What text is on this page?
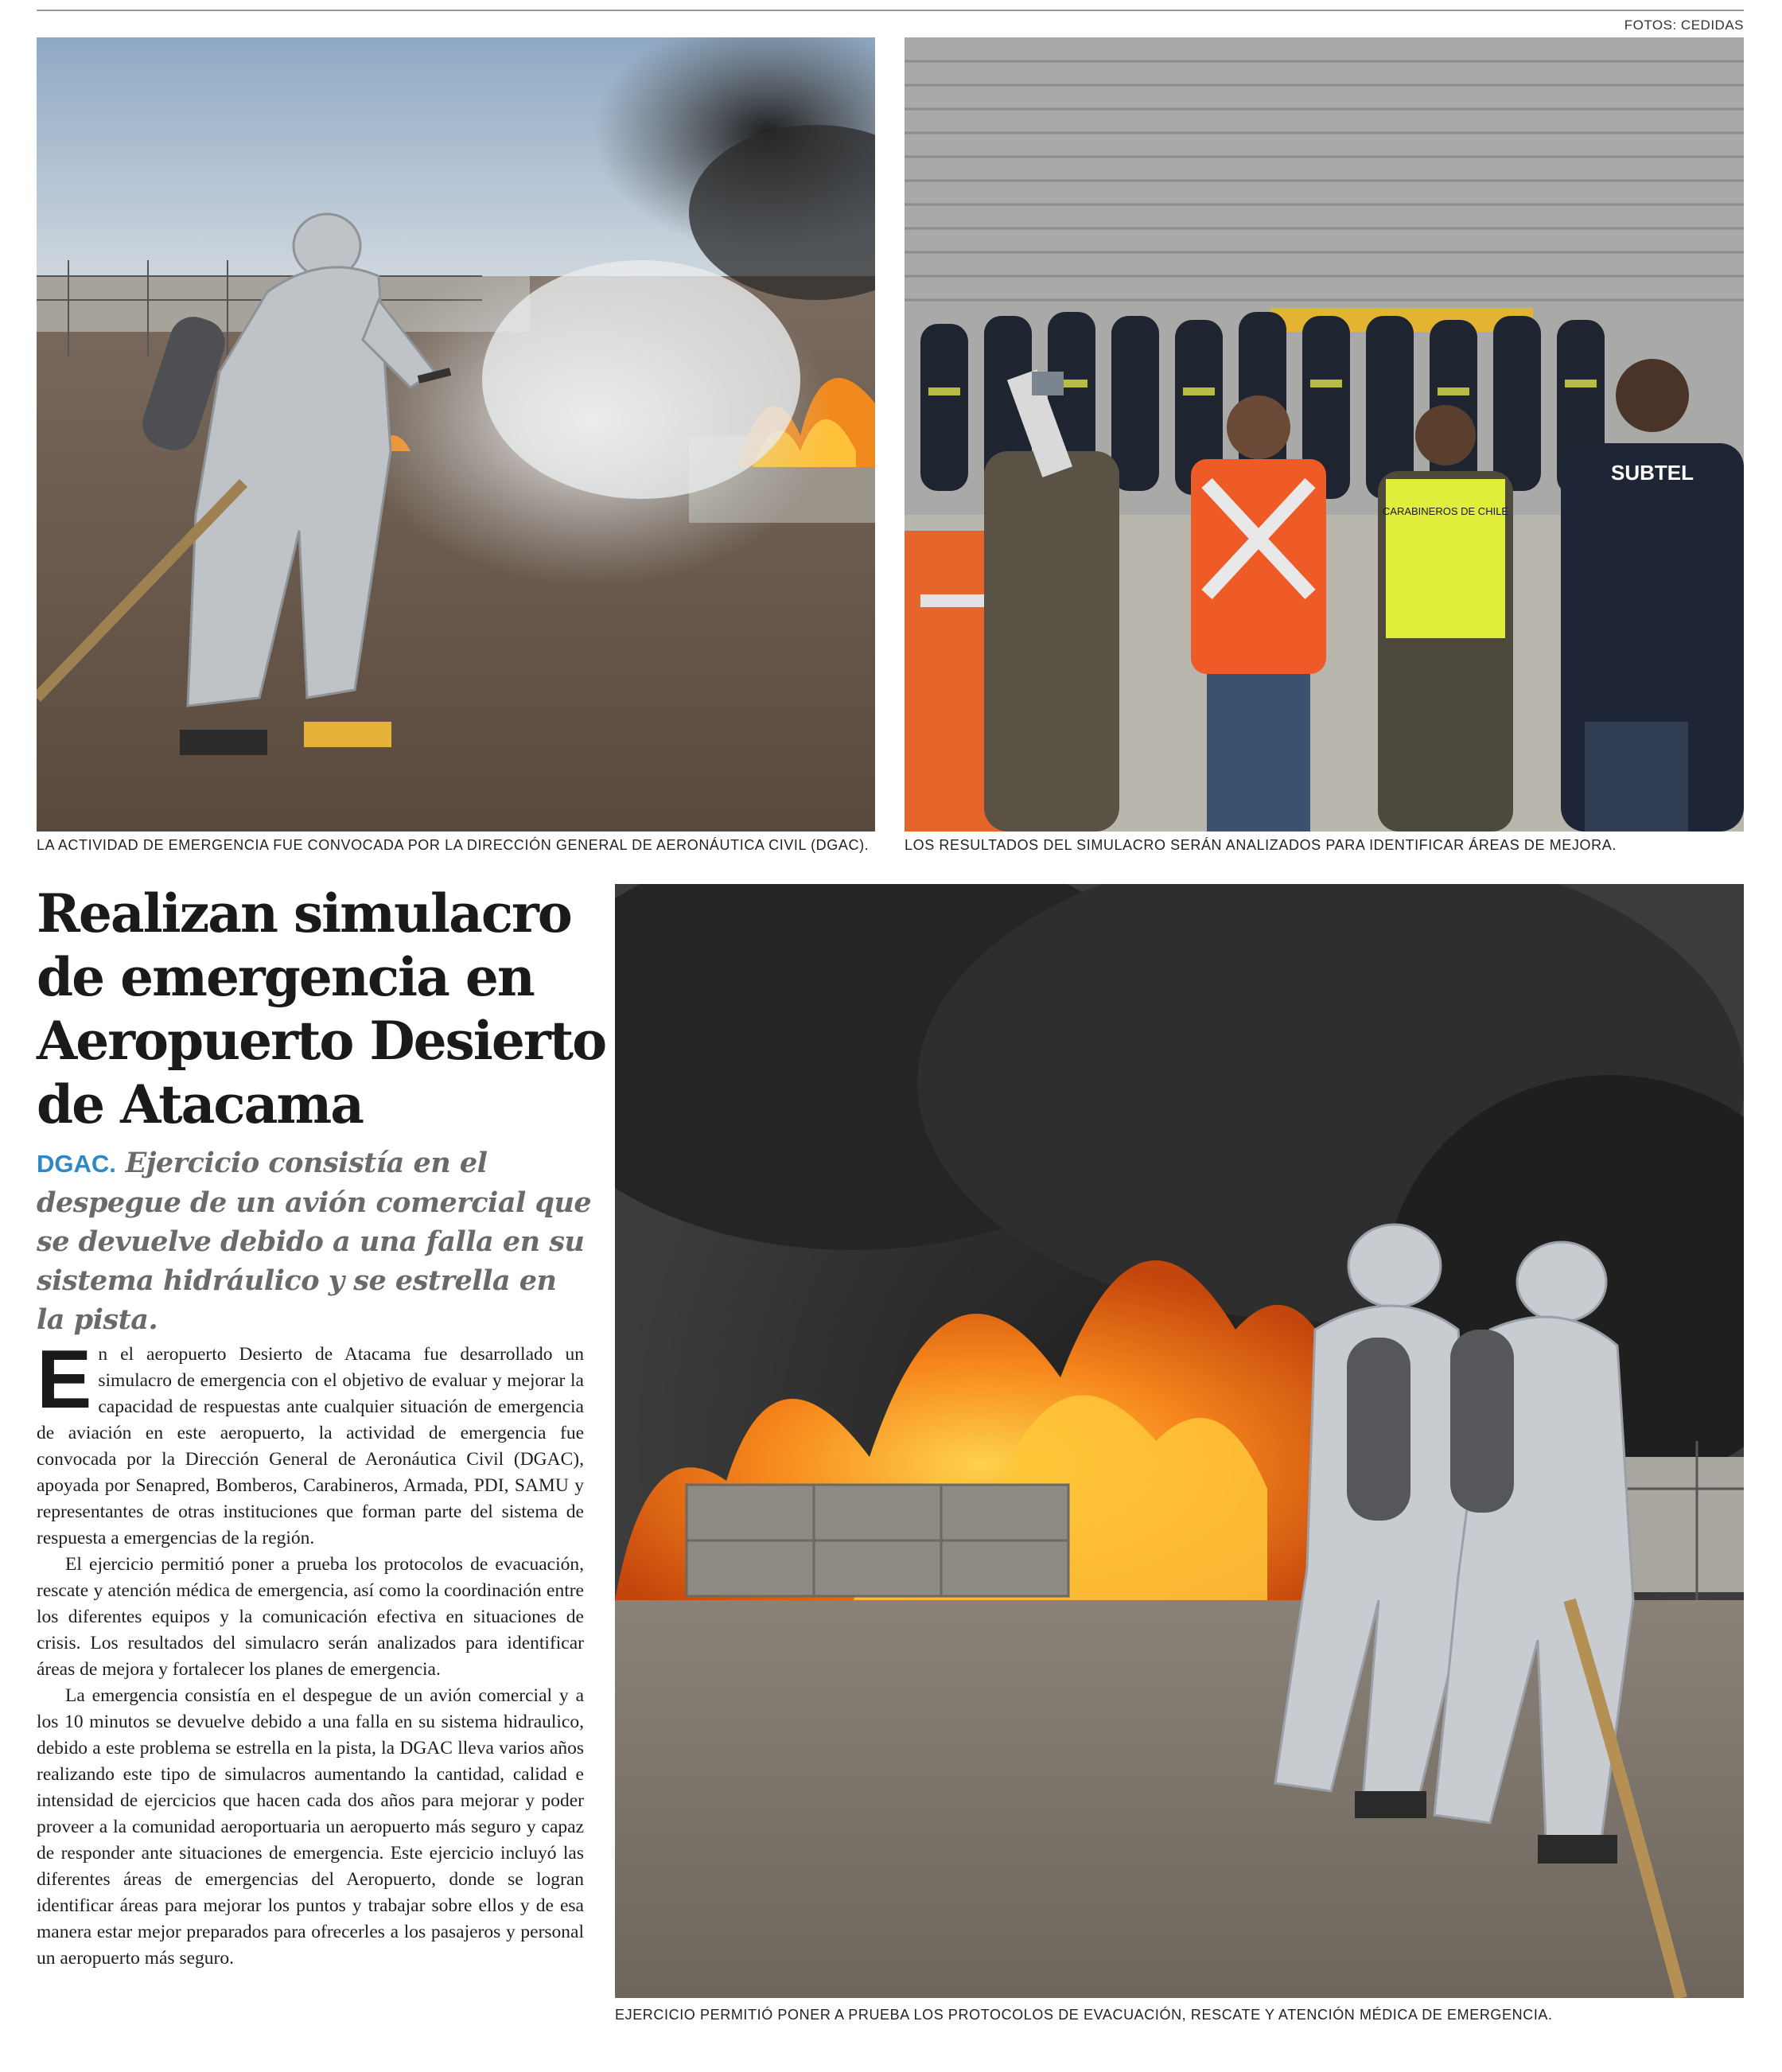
FOTOS: CEDIDAS
LA ACTIVIDAD DE EMERGENCIA FUE CONVOCADA POR LA DIRECCIÓN GENERAL DE AERONÁUTICA CIVIL (DGAC).
CARABINEROS DE CHILE
SUBTEL
LOS RESULTADOS DEL SIMULACRO SERÁN ANALIZADOS PARA IDENTIFICAR ÁREAS DE MEJORA.
Realizan simulacro
de emergencia en
Aeropuerto Desierto
de Atacama

DGAC. Ejercicio consistía en el despegue de un avión comercial que se devuelve debido a una falla en su sistema hidráulico y se estrella en la pista.

En el aeropuerto Desierto de Atacama fue desarrollado un simulacro de emergencia con el objetivo de evaluar y mejorar la capacidad de respuestas ante cualquier situación de emergencia de aviación en este aeropuerto, la actividad de emergencia fue convocada por la Dirección General de Aeronáutica Civil (DGAC), apoyada por Senapred, Bomberos, Carabineros, Armada, PDI, SAMU y representantes de otras instituciones que forman parte del sistema de respuesta a emergencias de la región.

El ejercicio permitió poner a prueba los protocolos de evacuación, rescate y atención médica de emergencia, así como la coordinación entre los diferentes equipos y la comunicación efectiva en situaciones de crisis. Los resultados del simulacro serán analizados para identificar áreas de mejora y fortalecer los planes de emergencia.

La emergencia consistía en el despegue de un avión comercial y a los 10 minutos se devuelve debido a una falla en su sistema hidraulico, debido a este problema se estrella en la pista, la DGAC lleva varios años realizando este tipo de simulacros aumentando la cantidad, calidad e intensidad de ejercicios que hacen cada dos años para mejorar y poder proveer a la comunidad aeroportuaria un aeropuerto más seguro y capaz de responder ante situaciones de emergencia. Este ejercicio incluyó las diferentes áreas de emergencias del Aeropuerto, donde se logran identificar áreas para mejorar los puntos y trabajar sobre ellos y de esa manera estar mejor preparados para ofrecerles a los pasajeros y personal un aeropuerto más seguro.

EJERCICIO PERMITIÓ PONER A PRUEBA LOS PROTOCOLOS DE EVACUACIÓN, RESCATE Y ATENCIÓN MÉDICA DE EMERGENCIA.
